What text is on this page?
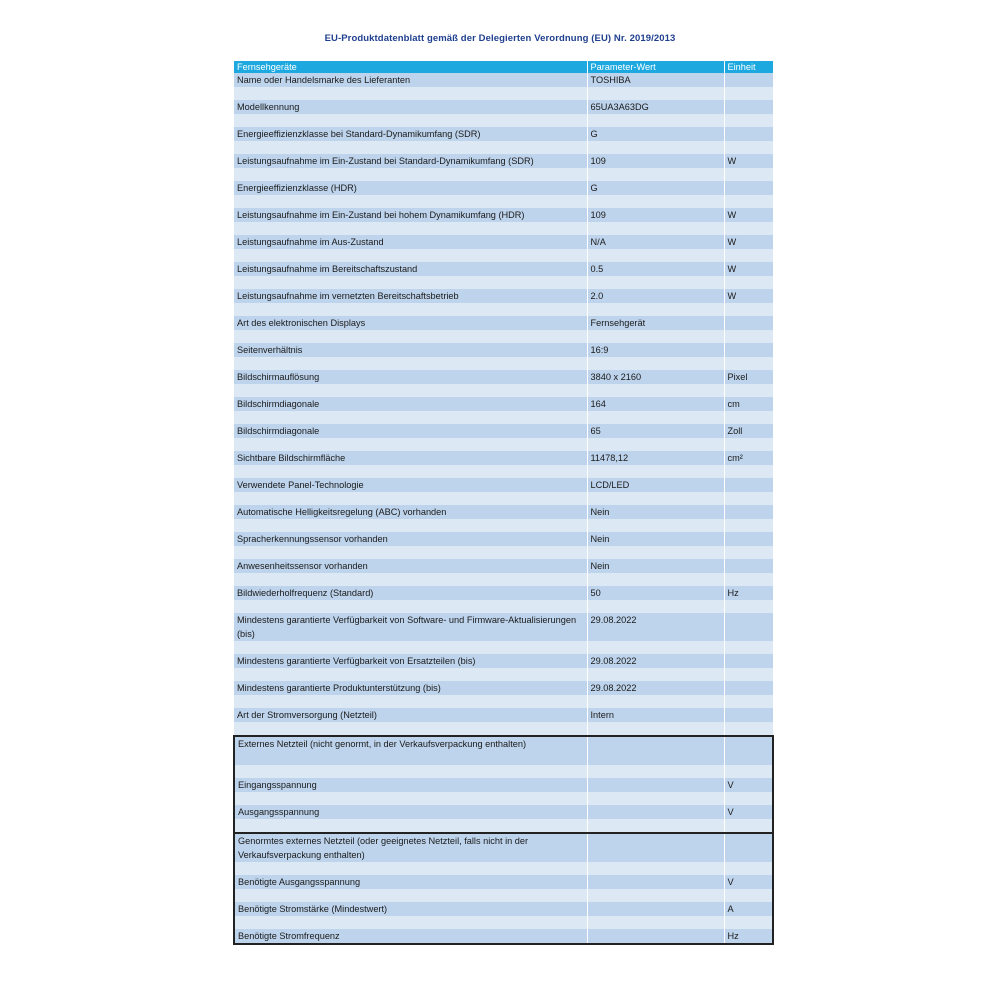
EU-Produktdatenblatt gemäß der Delegierten Verordnung (EU) Nr. 2019/2013
Fernsehgeräte	Parameter-Wert	Einheit
Name oder Handelsmarke des Lieferanten	TOSHIBA	

Modellkennung	65UA3A63DG	

Energieeffizienzklasse bei Standard-Dynamikumfang (SDR)	G	

Leistungsaufnahme im Ein-Zustand bei Standard-Dynamikumfang (SDR)	109	W

Energieeffizienzklasse (HDR)	G	

Leistungsaufnahme im Ein-Zustand bei hohem Dynamikumfang (HDR)	109	W

Leistungsaufnahme im Aus-Zustand	N/A	W

Leistungsaufnahme im Bereitschaftszustand	0.5	W

Leistungsaufnahme im vernetzten Bereitschaftsbetrieb	2.0	W

Art des elektronischen Displays	Fernsehgerät	

Seitenverhältnis	16:9	

Bildschirmauflösung	3840 x 2160	Pixel

Bildschirmdiagonale	164	cm

Bildschirmdiagonale	65	Zoll

Sichtbare Bildschirmfläche	11478,12	cm²

Verwendete Panel-Technologie	LCD/LED	

Automatische Helligkeitsregelung (ABC) vorhanden	Nein	

Spracherkennungssensor vorhanden	Nein	

Anwesenheitssensor vorhanden	Nein	

Bildwiederholfrequenz (Standard)	50	Hz

Mindestens garantierte Verfügbarkeit von Software- und Firmware-Aktualisierungen (bis)	29.08.2022	

Mindestens garantierte Verfügbarkeit von Ersatzteilen (bis)	29.08.2022	

Mindestens garantierte Produktunterstützung (bis)	29.08.2022	

Art der Stromversorgung (Netzteil)	Intern	

Externes Netzteil (nicht genormt, in der Verkaufsverpackung enthalten)		

Eingangsspannung		V

Ausgangsspannung		V

Genormtes externes Netzteil (oder geeignetes Netzteil, falls nicht in der Verkaufsverpackung enthalten)		

Benötigte Ausgangsspannung		V

Benötigte Stromstärke (Mindestwert)		A

Benötigte Stromfrequenz		Hz
